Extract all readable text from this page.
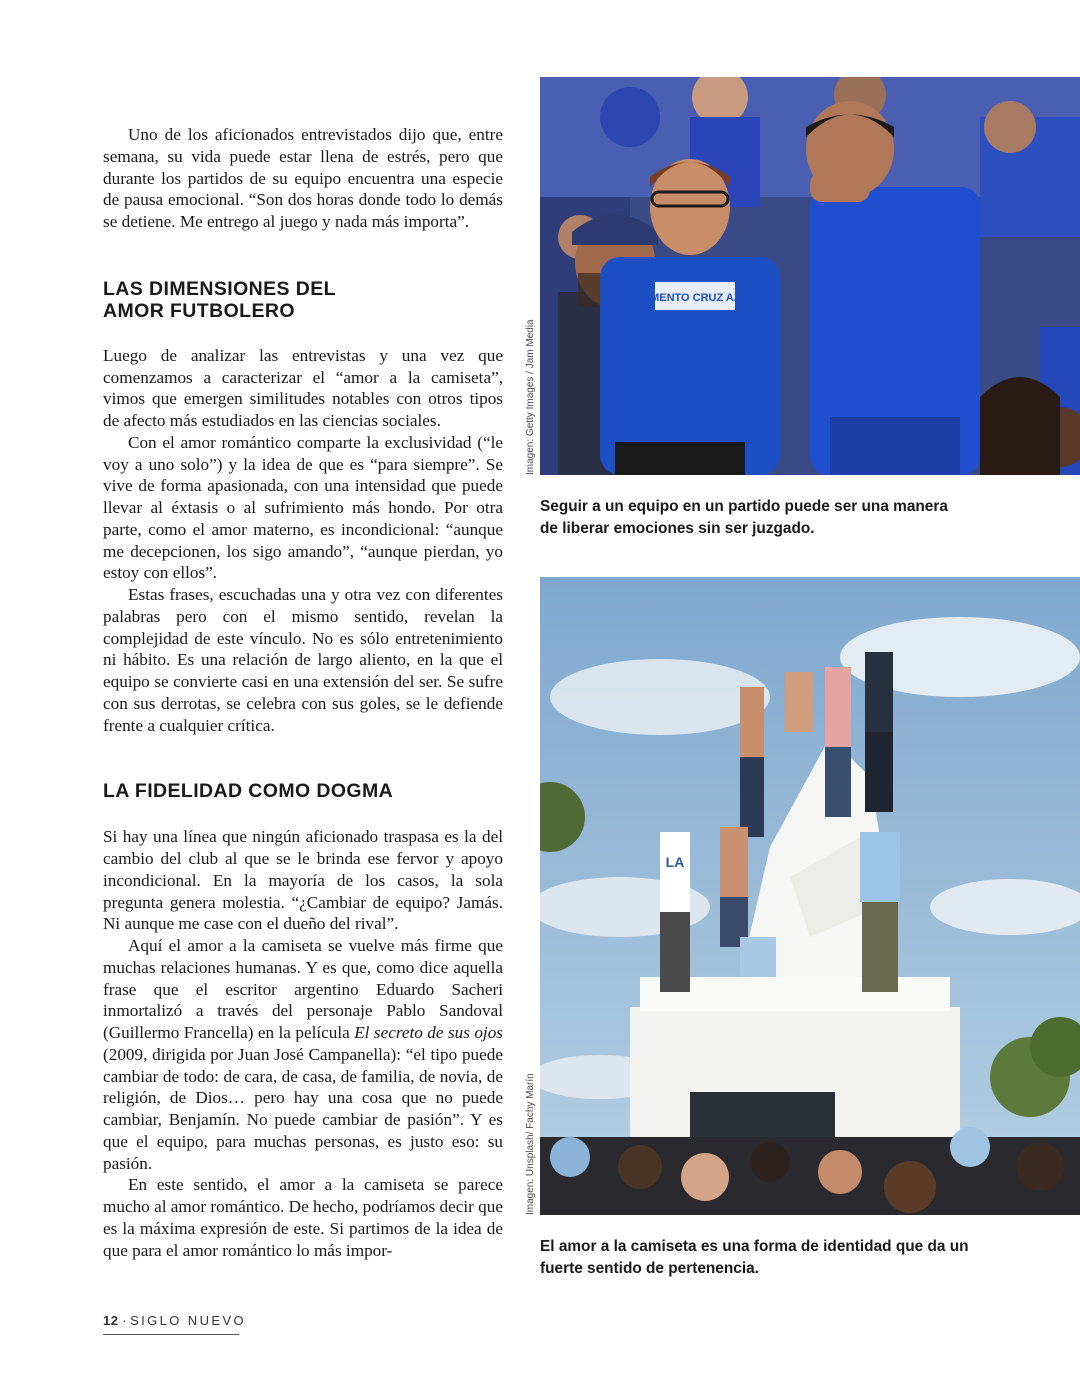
Uno de los aficionados entrevistados dijo que, entre semana, su vida puede estar llena de estrés, pero que durante los partidos de su equipo encuentra una especie de pausa emocional. “Son dos horas donde todo lo demás se detiene. Me entrego al juego y nada más importa”.

LAS DIMENSIONES DEL AMOR FUTBOLERO

Luego de analizar las entrevistas y una vez que comenzamos a caracterizar el “amor a la camiseta”, vimos que emergen similitudes notables con otros tipos de afecto más estudiados en las ciencias sociales.

Con el amor romántico comparte la exclusividad (“le voy a uno solo”) y la idea de que es “para siempre”. Se vive de forma apasionada, con una intensidad que puede llevar al éxtasis o al sufrimiento más hondo. Por otra parte, como el amor materno, es incondicional: “aunque me decepcionen, los sigo amando”, “aunque pierdan, yo estoy con ellos”.

Estas frases, escuchadas una y otra vez con diferentes palabras pero con el mismo sentido, revelan la complejidad de este vínculo. No es sólo entretenimiento ni hábito. Es una relación de largo aliento, en la que el equipo se convierte casi en una extensión del ser. Se sufre con sus derrotas, se celebra con sus goles, se le defiende frente a cualquier crítica.

LA FIDELIDAD COMO DOGMA

Si hay una línea que ningún aficionado traspasa es la del cambio del club al que se le brinda ese fervor y apoyo incondicional. En la mayoría de los casos, la sola pregunta genera molestia. “¿Cambiar de equipo? Jamás. Ni aunque me case con el dueño del rival”.

Aquí el amor a la camiseta se vuelve más firme que muchas relaciones humanas. Y es que, como dice aquella frase que el escritor argentino Eduardo Sacheri inmortalizó a través del personaje Pablo Sandoval (Guillermo Francella) en la película El secreto de sus ojos (2009, dirigida por Juan José Campanella): “el tipo puede cambiar de todo: de cara, de casa, de familia, de novia, de religión, de Dios… pero hay una cosa que no puede cambiar, Benjamín. No puede cambiar de pasión”. Y es que el equipo, para muchas personas, es justo eso: su pasión.

En este sentido, el amor a la camiseta se parece mucho al amor romántico. De hecho, podríamos decir que es la máxima expresión de este. Si partimos de la idea de que para el amor romántico lo más impor-

CEMENTO CRUZ AZUL
Imagen: Getty Images / Jam Media

Seguir a un equipo en un partido puede ser una manera de liberar emociones sin ser juzgado.

LA
Imagen: Unsplash/ Fachy Marín

El amor a la camiseta es una forma de identidad que da un fuerte sentido de pertenencia.

12 · SIGLO NUEVO
